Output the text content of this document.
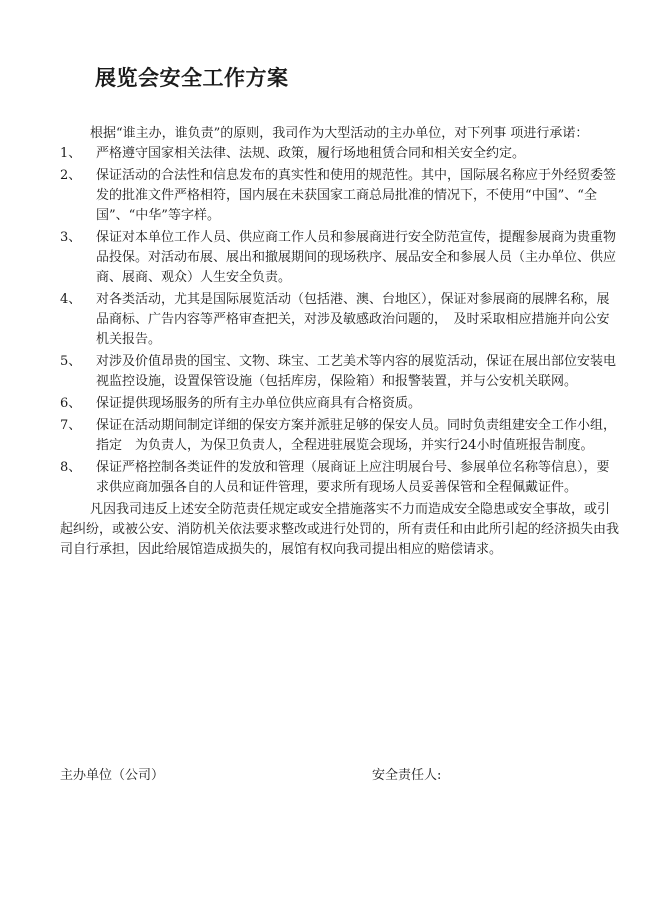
展览会安全工作方案

根据“谁主办，谁负责”的原则，我司作为大型活动的主办单位，对下列事 项进行承诺：

1、 严格遵守国家相关法律、法规、政策，履行场地租赁合同和相关安全约定。
2、 保证活动的合法性和信息发布的真实性和使用的规范性。其中，国际展名称应于外经贸委签发的批准文件严格相符，国内展在未获国家工商总局批准的情况下，不使用“中国”、“全国”、“中华”等字样。
3、 保证对本单位工作人员、供应商工作人员和参展商进行安全防范宣传，提醒参展商为贵重物品投保。对活动布展、展出和撤展期间的现场秩序、展品安全和参展人员（主办单位、供应商、展商、观众）人生安全负责。
4、 对各类活动，尤其是国际展览活动（包括港、澳、台地区），保证对参展商的展牌名称，展品商标、广告内容等严格审查把关，对涉及敏感政治问题的，　及时采取相应措施并向公安机关报告。
5、 对涉及价值昂贵的国宝、文物、珠宝、工艺美术等内容的展览活动，保证在展出部位安装电视监控设施，设置保管设施（包括库房，保险箱）和报警装置，并与公安机关联网。
6、 保证提供现场服务的所有主办单位供应商具有合格资质。
7、 保证在活动期间制定详细的保安方案并派驻足够的保安人员。同时负责组建安全工作小组，指定　为负责人，为保卫负责人，全程进驻展览会现场，并实行24小时值班报告制度。
8、 保证严格控制各类证件的发放和管理（展商证上应注明展台号、参展单位名称等信息），要求供应商加强各自的人员和证件管理，要求所有现场人员妥善保管和全程佩戴证件。

凡因我司违反上述安全防范责任规定或安全措施落实不力而造成安全隐患或安全事故，或引起纠纷，或被公安、消防机关依法要求整改或进行处罚的，所有责任和由此所引起的经济损失由我司自行承担，因此给展馆造成损失的，展馆有权向我司提出相应的赔偿请求。

主办单位（公司）	安全责任人:
